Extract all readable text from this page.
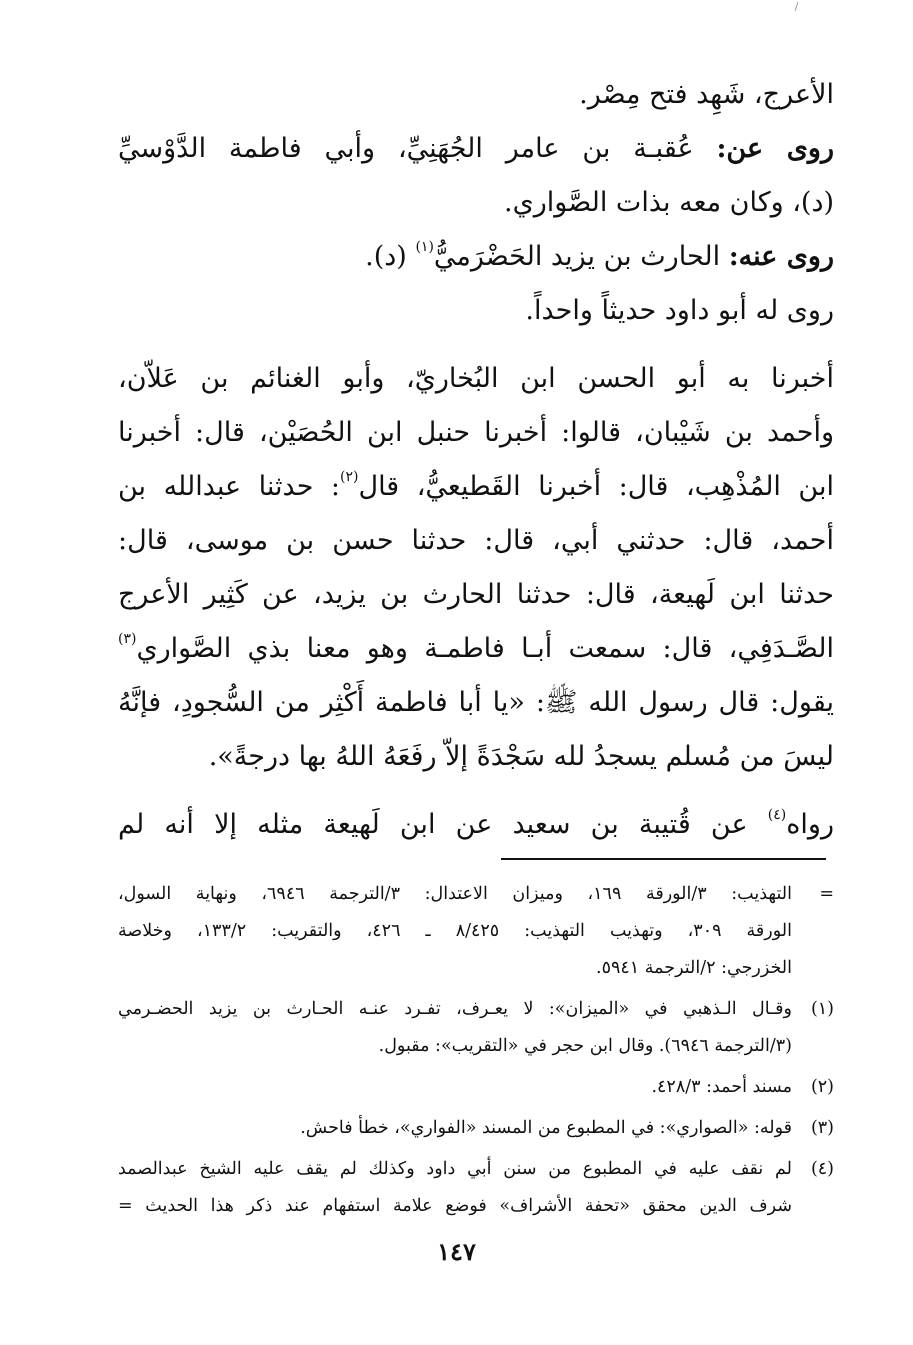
الأعرج، شَهِد فتح مِصْر.
روى عن: عُقبـة بن عامر الجُهَنِيِّ، وأبي فاطمة الدَّوْسيِّ
(د)، وكان معه بذات الصَّواري.
روى عنه: الحارث بن يزيد الحَضْرَميُّ$^{(١)}$ (د).
روى له أبو داود حديثاً واحداً.
أخبرنا به أبو الحسن ابن البُخاريّ، وأبو الغنائم بن عَلاّن،
وأحمد بن شَيْبان، قالوا: أخبرنا حنبل ابن الحُصَيْن، قال: أخبرنا
ابن المُذْهِب، قال: أخبرنا القَطيعيُّ، قال$^{(٢)}$: حدثنا عبدالله بن
أحمد، قال: حدثني أبي، قال: حدثنا حسن بن موسى، قال:
حدثنا ابن لَهيعة، قال: حدثنا الحارث بن يزيد، عن كَثِير الأعرج
الصَّـدَفِي، قال: سمعت أبـا فاطمـة وهو معنا بذي الصَّواري$^{(٣)}$
يقول: قال رسول الله ﷺ: «يا أبا فاطمة أَكْثِر من السُّجودِ، فإنَّهُ
ليسَ من مُسلم يسجدُ لله سَجْدَةً إلاّ رفَعَهُ اللهُ بها درجةً».
رواه$^{(٤)}$ عن قُتيبة بن سعيد عن ابن لَهيعة مثله إلا أنه لم
=
التهذيب: ٣/الورقة ١٦٩، وميزان الاعتدال: ٣/الترجمة ٦٩٤٦، ونهاية السول،
الورقة ٣٠٩، وتهذيب التهذيب: ٨/٤٢٥ ـ ٤٢٦، والتقريب: ١٣٣/٢، وخلاصة
الخزرجي: ٢/الترجمة ٥٩٤١.
(١)
وقـال الـذهبي في «الميزان»: لا يعـرف، تفـرد عنـه الحـارث بن يزيد الحضـرمي
(٣/الترجمة ٦٩٤٦). وقال ابن حجر في «التقريب»: مقبول.
(٢)
مسند أحمد: ٤٢٨/٣.
(٣)
قوله: «الصواري»: في المطبوع من المسند «الفواري»، خطأ فاحش.
(٤)
لم نقف عليه في المطبوع من سنن أبي داود وكذلك لم يقف عليه الشيخ عبدالصمد
شرف الدين محقق «تحفة الأشراف» فوضع علامة استفهام عند ذكر هذا الحديث =
١٤٧
